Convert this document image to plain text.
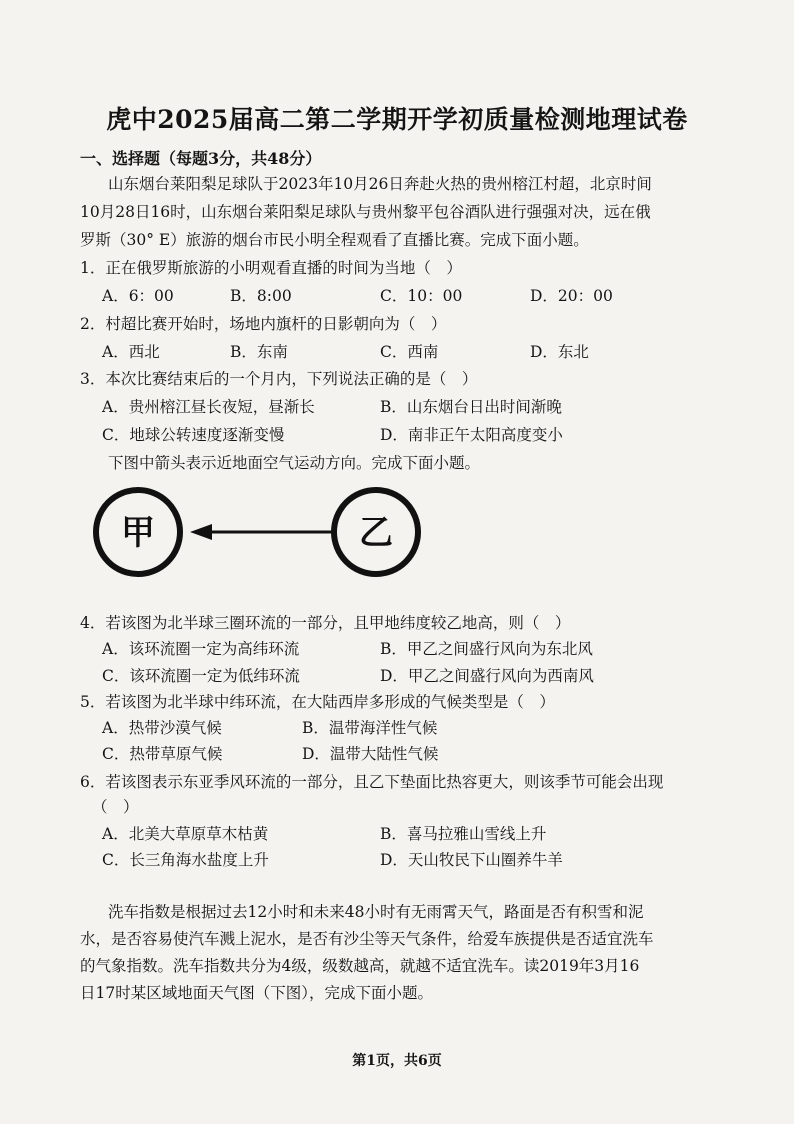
虎中2025届高二第二学期开学初质量检测地理试卷
一、选择题（每题3分，共48分）
山东烟台莱阳梨足球队于2023年10月26日奔赴火热的贵州榕江村超，北京时间
10月28日16时，山东烟台莱阳梨足球队与贵州黎平包谷酒队进行强强对决，远在俄
罗斯（30° E）旅游的烟台市民小明全程观看了直播比赛。完成下面小题。
1．正在俄罗斯旅游的小明观看直播的时间为当地（　）
A．6：00	B．8:00	C．10：00	D．20：00
2．村超比赛开始时，场地内旗杆的日影朝向为（　）
A．西北	B．东南	C．西南	D．东北
3．本次比赛结束后的一个月内，下列说法正确的是（　）
A．贵州榕江昼长夜短，昼渐长	B．山东烟台日出时间渐晚
C．地球公转速度逐渐变慢	D．南非正午太阳高度变小
下图中箭头表示近地面空气运动方向。完成下面小题。
甲	乙
4．若该图为北半球三圈环流的一部分，且甲地纬度较乙地高，则（　）
A．该环流圈一定为高纬环流	B．甲乙之间盛行风向为东北风
C．该环流圈一定为低纬环流	D．甲乙之间盛行风向为西南风
5．若该图为北半球中纬环流，在大陆西岸多形成的气候类型是（　）
A．热带沙漠气候	B．温带海洋性气候
C．热带草原气候	D．温带大陆性气候
6．若该图表示东亚季风环流的一部分，且乙下垫面比热容更大，则该季节可能会出现
（　）
A．北美大草原草木枯黄	B．喜马拉雅山雪线上升
C．长三角海水盐度上升	D．天山牧民下山圈养牛羊
洗车指数是根据过去12小时和未来48小时有无雨霄天气，路面是否有积雪和泥
水，是否容易使汽车溅上泥水，是否有沙尘等天气条件，给爱车族提供是否适宜洗车
的气象指数。洗车指数共分为4级，级数越高，就越不适宜洗车。读2019年3月16
日17时某区域地面天气图（下图），完成下面小题。
第1页，共6页
